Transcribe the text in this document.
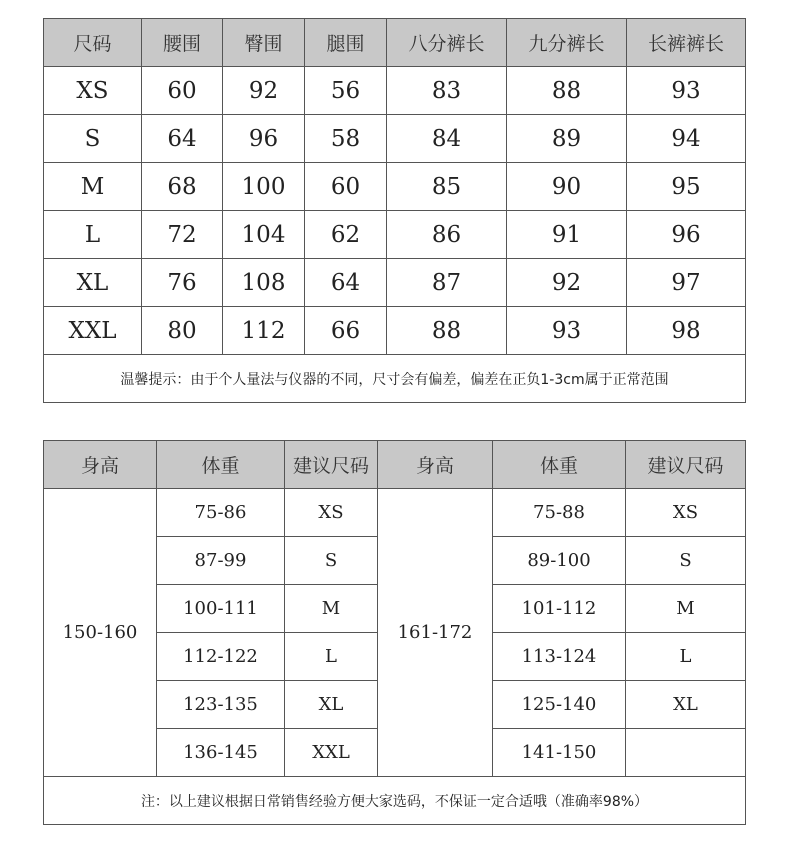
尺码	腰围	臀围	腿围	八分裤长	九分裤长	长裤裤长
XS	60	92	56	83	88	93
S	64	96	58	84	89	94
M	68	100	60	85	90	95
L	72	104	62	86	91	96
XL	76	108	64	87	92	97
XXL	80	112	66	88	93	98
温馨提示：由于个人量法与仪器的不同，尺寸会有偏差，偏差在正负1-3cm属于正常范围						
身高	体重	建议尺码	身高	体重	建议尺码
150-160	75-86	XS	161-172	75-88	XS
	87-99	S		89-100	S
	100-111	M		101-112	M
	112-122	L		113-124	L
	123-135	XL		125-140	XL
	136-145	XXL		141-150	
注：以上建议根据日常销售经验方便大家选码，不保证一定合适哦（准确率98%）					
